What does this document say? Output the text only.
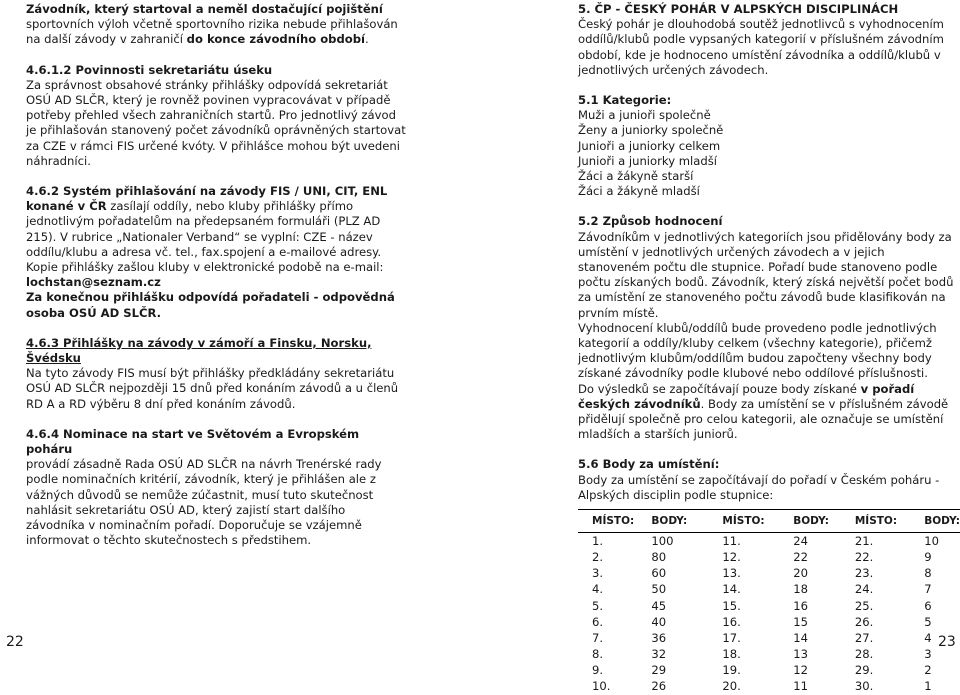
Závodník, který startoval a neměl dostačující pojištění sportovních výloh včetně sportovního rizika nebude přihlašován na další závody v zahraničí do konce závodního období.

4.6.1.2 Povinnosti sekretariátu úseku

Za správnost obsahové stránky přihlášky odpovídá sekretariát OSÚ AD SLČR, který je rovněž povinen vypracovávat v případě potřeby přehled všech zahraničních startů. Pro jednotlivý závod je přihlašován stanovený počet závodníků oprávněných startovat za CZE v rámci FIS určené kvóty. V přihlášce mohou být uvedeni náhradníci.

4.6.2 Systém přihlašování na závody FIS / UNI, CIT, ENL konané v ČR zasílají oddíly, nebo kluby přihlášky přímo jednotlivým pořadatelům na předepsaném formuláři (PLZ AD 215). V rubrice „Nationaler Verband“ se vyplní: CZE - název oddílu/klubu a adresa vč. tel., fax.spojení a e-mailové adresy.

Kopie přihlášky zašlou kluby v elektronické podobě na e-mail:

lochstan@seznam.cz

Za konečnou přihlášku odpovídá pořadateli - odpovědná osoba OSÚ AD SLČR.

4.6.3 Přihlášky na závody v zámoří a Finsku, Norsku, Švédsku

Na tyto závody FIS musí být přihlášky předkládány sekretariátu OSÚ AD SLČR nejpozději 15 dnů před konáním závodů a u členů RD A a RD výběru 8 dní před konáním závodů.

4.6.4 Nominace na start ve Světovém a Evropském poháru

provádí zásadně Rada OSÚ AD SLČR na návrh Trenérské rady podle nominačních kritérií, závodník, který je přihlášen ale z vážných důvodů se nemůže zúčastnit, musí tuto skutečnost nahlásit sekretariátu OSÚ AD, který zajistí start dalšího závodníka v nominačním pořadí. Doporučuje se vzájemně informovat o těchto skutečnostech s předstihem.

5. ČP - ČESKÝ POHÁR V ALPSKÝCH DISCIPLINÁCH

Český pohár je dlouhodobá soutěž jednotlivců s vyhodnocením oddílů/klubů podle vypsaných kategorií v příslušném závodním období, kde je hodnoceno umístění závodníka a oddílů/klubů v jednotlivých určených závodech.

5.1 Kategorie:

Muži a junioři společně

Ženy a juniorky společně

Junioři a juniorky celkem

Junioři a juniorky mladší

Žáci a žákyně starší

Žáci a žákyně mladší

5.2 Způsob hodnocení

Závodníkům v jednotlivých kategoriích jsou přidělovány body za umístění v jednotlivých určených závodech a v jejich stanoveném počtu dle stupnice. Pořadí bude stanoveno podle počtu získaných bodů. Závodník, který získá největší počet bodů za umístění ze stanoveného počtu závodů bude klasifikován na prvním místě.

Vyhodnocení klubů/oddílů bude provedeno podle jednotlivých kategorií a oddíly/kluby celkem (všechny kategorie), přičemž jednotlivým klubům/oddílům budou započteny všechny body získané závodníky podle klubové nebo oddílové příslušnosti.

Do výsledků se započítávají pouze body získané v pořadí českých závodníků. Body za umístění se v příslušném závodě přidělují společně pro celou kategorii, ale označuje se umístění mladších a starších juniorů.

5.6 Body za umístění:

Body za umístění se započítávají do pořadí v Českém poháru - Alpských disciplin podle stupnice:

MÍSTO:	BODY:	MÍSTO:	BODY:	MÍSTO:	BODY:
1.	100	11.	24	21.	10
2.	80	12.	22	22.	9
3.	60	13.	20	23.	8
4.	50	14.	18	24.	7
5.	45	15.	16	25.	6
6.	40	16.	15	26.	5
7.	36	17.	14	27.	4
8.	32	18.	13	28.	3
9.	29	19.	12	29.	2
10.	26	20.	11	30.	1
22	23
